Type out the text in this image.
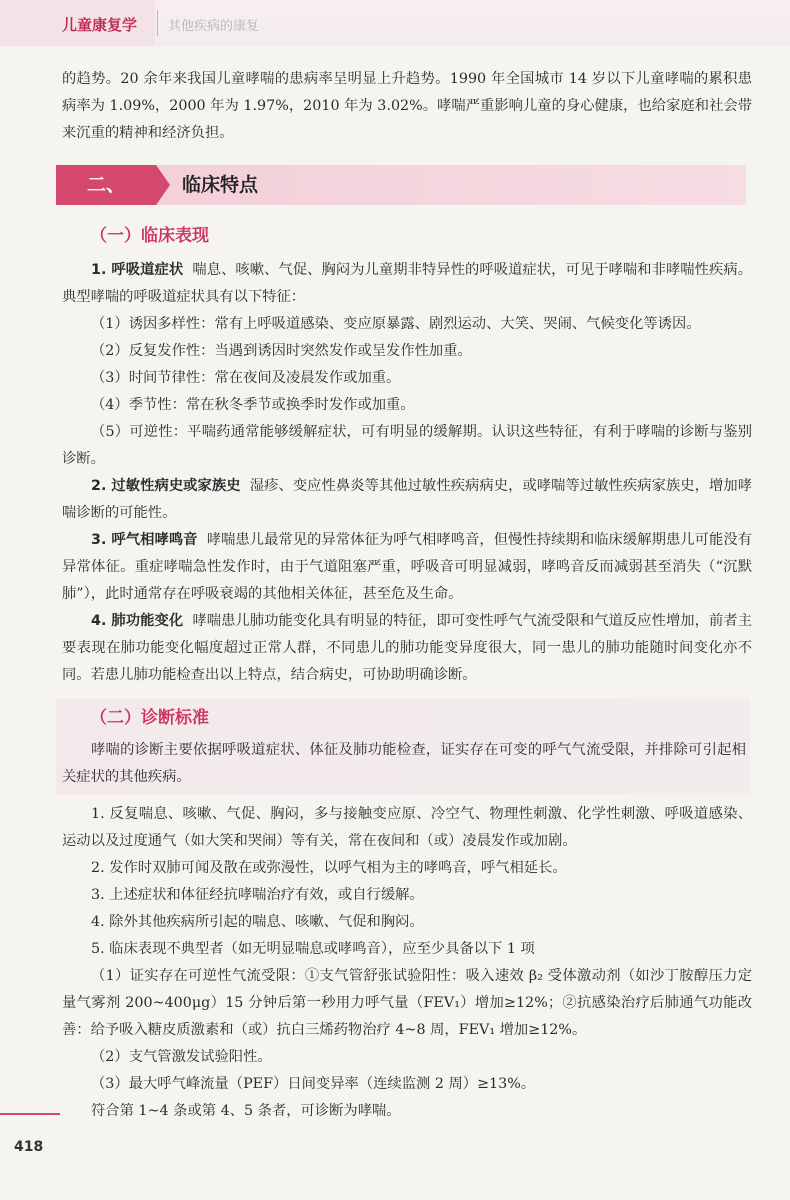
儿童康复学 其他疾病的康复

的趋势。20 余年来我国儿童哮喘的患病率呈明显上升趋势。1990 年全国城市 14 岁以下儿童哮喘的累积患病率为 1.09%，2000 年为 1.97%，2010 年为 3.02%。哮喘严重影响儿童的身心健康，也给家庭和社会带来沉重的精神和经济负担。

二、	临床特点
（一）临床表现

1. 呼吸道症状 喘息、咳嗽、气促、胸闷为儿童期非特异性的呼吸道症状，可见于哮喘和非哮喘性疾病。典型哮喘的呼吸道症状具有以下特征：

（1）诱因多样性：常有上呼吸道感染、变应原暴露、剧烈运动、大笑、哭闹、气候变化等诱因。

（2）反复发作性：当遇到诱因时突然发作或呈发作性加重。

（3）时间节律性：常在夜间及凌晨发作或加重。

（4）季节性：常在秋冬季节或换季时发作或加重。

（5）可逆性：平喘药通常能够缓解症状，可有明显的缓解期。认识这些特征，有利于哮喘的诊断与鉴别诊断。

2. 过敏性病史或家族史 湿疹、变应性鼻炎等其他过敏性疾病病史，或哮喘等过敏性疾病家族史，增加哮喘诊断的可能性。

3. 呼气相哮鸣音 哮喘患儿最常见的异常体征为呼气相哮鸣音，但慢性持续期和临床缓解期患儿可能没有异常体征。重症哮喘急性发作时，由于气道阻塞严重，呼吸音可明显减弱，哮鸣音反而减弱甚至消失（“沉默肺”），此时通常存在呼吸衰竭的其他相关体征，甚至危及生命。

4. 肺功能变化 哮喘患儿肺功能变化具有明显的特征，即可变性呼气气流受限和气道反应性增加，前者主要表现在肺功能变化幅度超过正常人群，不同患儿的肺功能变异度很大，同一患儿的肺功能随时间变化亦不同。若患儿肺功能检查出以上特点，结合病史，可协助明确诊断。

（二）诊断标准

哮喘的诊断主要依据呼吸道症状、体征及肺功能检查，证实存在可变的呼气气流受限，并排除可引起相关症状的其他疾病。

1. 反复喘息、咳嗽、气促、胸闷，多与接触变应原、冷空气、物理性刺激、化学性刺激、呼吸道感染、运动以及过度通气（如大笑和哭闹）等有关，常在夜间和（或）凌晨发作或加剧。

2. 发作时双肺可闻及散在或弥漫性，以呼气相为主的哮鸣音，呼气相延长。

3. 上述症状和体征经抗哮喘治疗有效，或自行缓解。

4. 除外其他疾病所引起的喘息、咳嗽、气促和胸闷。

5. 临床表现不典型者（如无明显喘息或哮鸣音），应至少具备以下 1 项

（1）证实存在可逆性气流受限：①支气管舒张试验阳性：吸入速效 β₂ 受体激动剂（如沙丁胺醇压力定量气雾剂 200~400μg）15 分钟后第一秒用力呼气量（FEV₁）增加≥12%；②抗感染治疗后肺通气功能改善：给予吸入糖皮质激素和（或）抗白三烯药物治疗 4~8 周，FEV₁ 增加≥12%。

（2）支气管激发试验阳性。

（3）最大呼气峰流量（PEF）日间变异率（连续监测 2 周）≥13%。

符合第 1~4 条或第 4、5 条者，可诊断为哮喘。

418
